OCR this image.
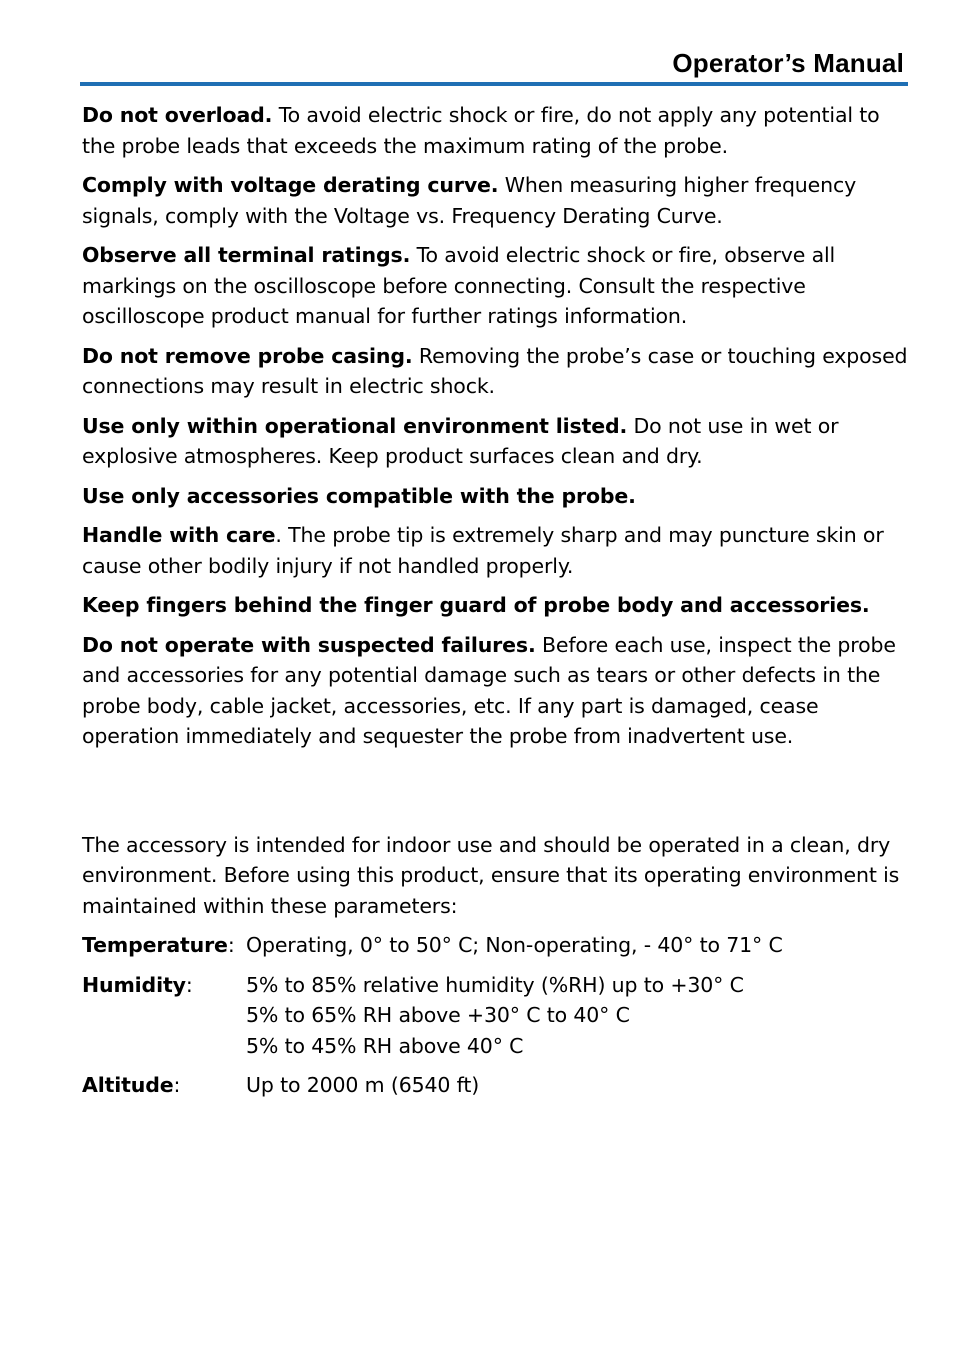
Operator’s Manual

Do not overload. To avoid electric shock or fire, do not apply any potential to the probe leads that exceeds the maximum rating of the probe.

Comply with voltage derating curve. When measuring higher frequency signals, comply with the Voltage vs. Frequency Derating Curve.

Observe all terminal ratings. To avoid electric shock or fire, observe all markings on the oscilloscope before connecting. Consult the respective oscilloscope product manual for further ratings information.

Do not remove probe casing. Removing the probe’s case or touching exposed connections may result in electric shock.

Use only within operational environment listed. Do not use in wet or explosive atmospheres. Keep product surfaces clean and dry.

Use only accessories compatible with the probe.

Handle with care. The probe tip is extremely sharp and may puncture skin or cause other bodily injury if not handled properly.

Keep fingers behind the finger guard of probe body and accessories.

Do not operate with suspected failures. Before each use, inspect the probe and accessories for any potential damage such as tears or other defects in the probe body, cable jacket, accessories, etc. If any part is damaged, cease operation immediately and sequester the probe from inadvertent use.

The accessory is intended for indoor use and should be operated in a clean, dry environment. Before using this product, ensure that its operating environment is maintained within these parameters:

Temperature: Operating, 0° to 50° C; Non-operating, - 40° to 71° C
Humidity:	5% to 85% relative humidity (%RH) up to +30° C
5% to 65% RH above +30° C to 40° C
5% to 45% RH above 40° C
Altitude:	Up to 2000 m (6540 ft)
